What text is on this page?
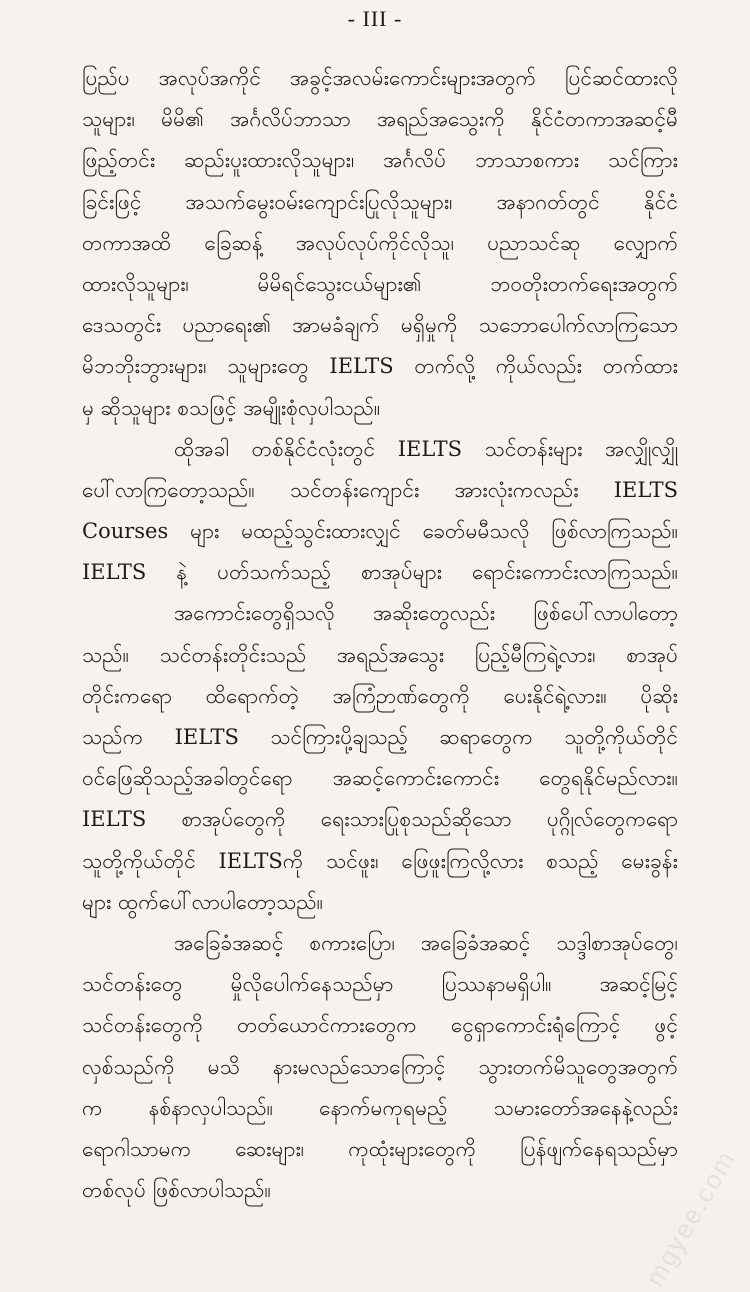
- III -
ပြည်ပ အလုပ်အကိုင် အခွင့်အလမ်းကောင်းများအတွက် ပြင်ဆင်ထားလို
သူများ၊ မိမိ၏ အင်္ဂလိပ်ဘာသာ အရည်အသွေးကို နိုင်ငံတကာအဆင့်မီ
ဖြည့်တင်း ဆည်းပူးထားလိုသူများ၊ အင်္ဂလိပ် ဘာသာစကား သင်ကြား
ခြင်းဖြင့် အသက်မွေးဝမ်းကျောင်းပြုလိုသူများ၊ အနာဂတ်တွင် နိုင်ငံ
တကာအထိ ခြေဆန့် အလုပ်လုပ်ကိုင်လိုသူ၊ ပညာသင်ဆု လျှောက်
ထားလိုသူများ၊ မိမိရင်သွေးငယ်များ၏ ဘဝတိုးတက်ရေးအတွက်
ဒေသတွင်း ပညာရေး၏ အာမခံချက် မရှိမှုကို သဘောပေါက်လာကြသော
မိဘဘိုးဘွားများ၊ သူများတွေ IELTS တက်လို့ ကိုယ်လည်း တက်ထား
မှ ဆိုသူများ စသဖြင့် အမျိုးစုံလှပါသည်။
ထိုအခါ တစ်နိုင်ငံလုံးတွင် IELTS သင်တန်းများ အလျှိုလျှို
ပေါ်လာကြတော့သည်။ သင်တန်းကျောင်း အားလုံးကလည်း IELTS
Courses များ မထည့်သွင်းထားလျှင် ခေတ်မမီသလို ဖြစ်လာကြသည်။
IELTS နဲ့ ပတ်သက်သည့် စာအုပ်များ ရောင်းကောင်းလာကြသည်။
အကောင်းတွေရှိသလို အဆိုးတွေလည်း ဖြစ်ပေါ်လာပါတော့
သည်။ သင်တန်းတိုင်းသည် အရည်အသွေး ပြည့်မီကြရဲ့လား၊ စာအုပ်
တိုင်းကရော ထိရောက်တဲ့ အကြံဉာဏ်တွေကို ပေးနိုင်ရဲ့လား။ ပိုဆိုး
သည်က IELTS သင်ကြားပို့ချသည့် ဆရာတွေက သူတို့ကိုယ်တိုင်
ဝင်ဖြေဆိုသည့်အခါတွင်ရော အဆင့်ကောင်းကောင်း တွေရနိုင်မည်လား။
IELTS စာအုပ်တွေကို ရေးသားပြုစုသည်ဆိုသော ပုဂ္ဂိုလ်တွေကရော
သူတို့ကိုယ်တိုင် IELTSကို သင်ဖူး၊ ဖြေဖူးကြလို့လား စသည့် မေးခွန်း
များ ထွက်ပေါ်လာပါတော့သည်။
အခြေခံအဆင့် စကားပြော၊ အခြေခံအဆင့် သဒ္ဒါစာအုပ်တွေ၊
သင်တန်းတွေ မှိုလိုပေါက်နေသည်မှာ ပြဿနာမရှိပါ။ အဆင့်မြင့်
သင်တန်းတွေကို တတ်ယောင်ကားတွေက ငွေရှာကောင်းရုံကြောင့် ဖွင့်
လှစ်သည်ကို မသိ နားမလည်သောကြောင့် သွားတက်မိသူတွေအတွက်
က နစ်နာလှပါသည်။ နောက်မကုရမည့် သမားတော်အနေနဲ့လည်း
ရောဂါသာမက ဆေးများ၊ ကုထုံးများတွေကို ပြန်ဖျက်နေရသည်မှာ
တစ်လုပ် ဖြစ်လာပါသည်။	mgyee.com
